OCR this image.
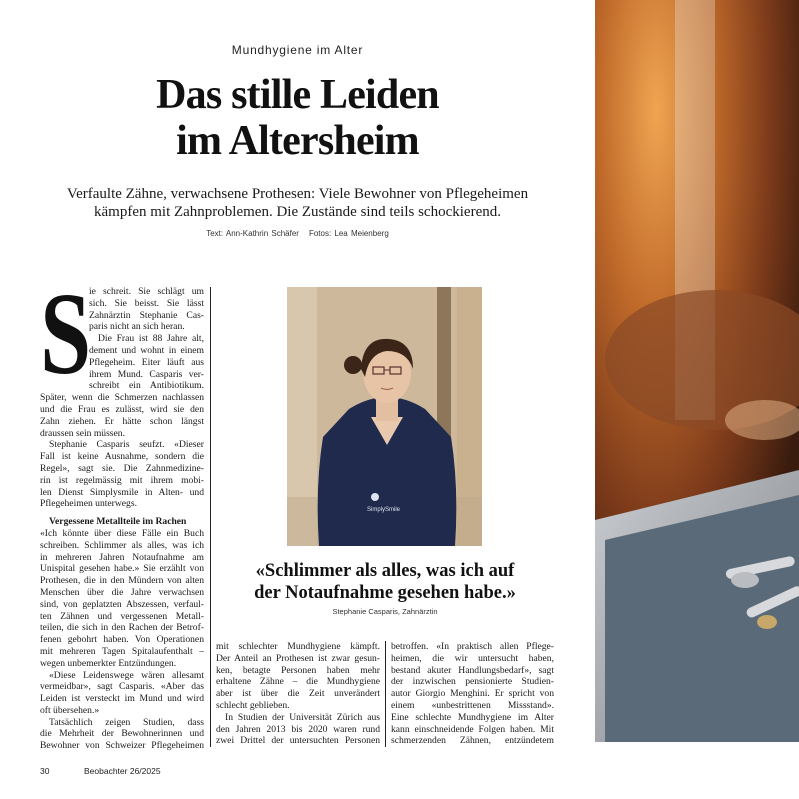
Mundhygiene im Alter
Das stille Leiden
im Altersheim
Verfaulte Zähne, verwachsene Prothesen: Viele Bewohner von Pflegeheimen
kämpfen mit Zahnproblemen. Die Zustände sind teils schockierend.
Text: Ann-Kathrin Schäfer Fotos: Lea Meienberg
S
ie schreit. Sie schlägt um
sich. Sie beisst. Sie lässt
Zahnärztin Stephanie Cas-
paris nicht an sich heran.
Die Frau ist 88 Jahre alt,
dement und wohnt in einem
Pflegeheim. Eiter läuft aus
ihrem Mund. Casparis ver-
schreibt ein Antibiotikum.
Später, wenn die Schmerzen nachlassen
und die Frau es zulässt, wird sie den
Zahn ziehen. Er hätte schon längst
draussen sein müssen.
Stephanie Casparis seufzt. «Dieser
Fall ist keine Ausnahme, sondern die
Regel», sagt sie. Die Zahnmedizine-
rin ist regelmässig mit ihrem mobi-
len Dienst Simplysmile in Alten- und
Pflegeheimen unterwegs.
Vergessene Metallteile im Rachen
«Ich könnte über diese Fälle ein Buch
schreiben. Schlimmer als alles, was ich
in mehreren Jahren Notaufnahme am
Unispital gesehen habe.» Sie erzählt von
Prothesen, die in den Mündern von alten
Menschen über die Jahre verwachsen
sind, von geplatzten Abszessen, verfaul-
ten Zähnen und vergessenen Metall-
teilen, die sich in den Rachen der Betrof-
fenen gebohrt haben. Von Operationen
mit mehreren Tagen Spitalaufenthalt –
wegen unbemerkter Entzündungen.
«Diese Leidenswege wären allesamt
vermeidbar», sagt Casparis. «Aber das
Leiden ist versteckt im Mund und wird
oft übersehen.»
Tatsächlich zeigen Studien, dass
die Mehrheit der Bewohnerinnen und
Bewohner von Schweizer Pflegeheimen
SimplySmile
«Schlimmer als alles, was ich auf
der Notaufnahme gesehen habe.»
Stephanie Casparis, Zahnärztin
mit schlechter Mundhygiene kämpft.
Der Anteil an Prothesen ist zwar gesun-
ken, betagte Personen haben mehr
erhaltene Zähne – die Mundhygiene
aber ist über die Zeit unverändert
schlecht geblieben.
In Studien der Universität Zürich aus
den Jahren 2013 bis 2020 waren rund
zwei Drittel der untersuchten Personen
betroffen. «In praktisch allen Pflege-
heimen, die wir untersucht haben,
bestand akuter Handlungsbedarf», sagt
der inzwischen pensionierte Studien-
autor Giorgio Menghini. Er spricht von
einem «unbestrittenen Missstand».
Eine schlechte Mundhygiene im Alter
kann einschneidende Folgen haben. Mit
schmerzenden Zähnen, entzündetem
30	Beobachter 26/2025
